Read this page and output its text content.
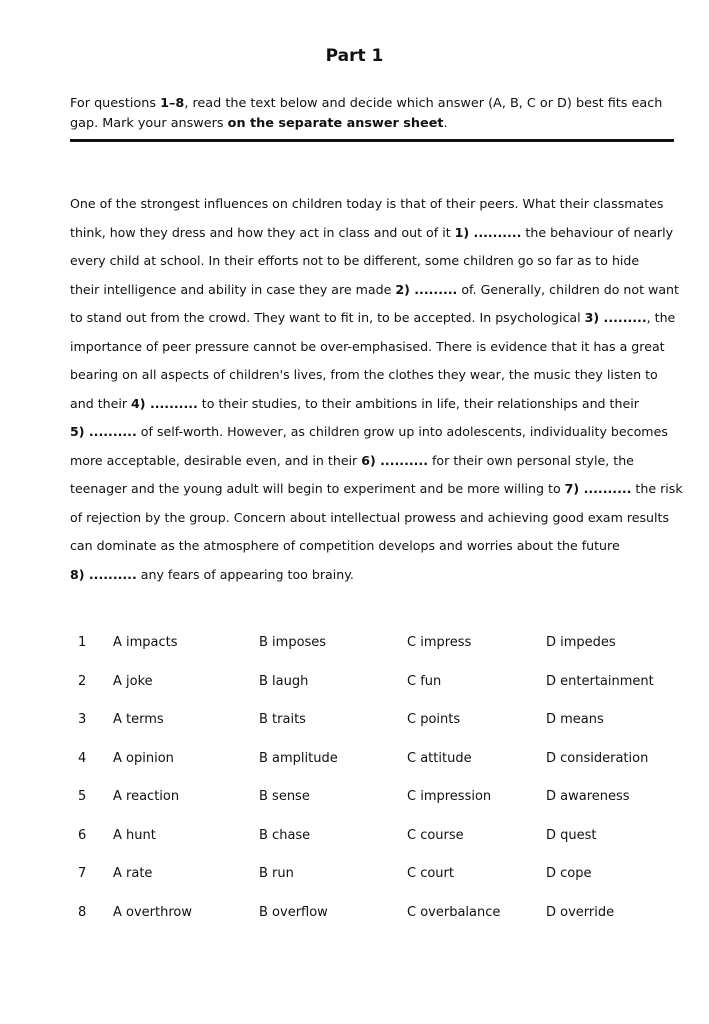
Part 1
For questions 1–8, read the text below and decide which answer (A, B, C or D) best fits each gap. Mark your answers on the separate answer sheet.
One of the strongest influences on children today is that of their peers. What their classmates
think, how they dress and how they act in class and out of it 1) .......... the behaviour of nearly
every child at school. In their efforts not to be different, some children go so far as to hide
their intelligence and ability in case they are made 2) ......... of. Generally, children do not want
to stand out from the crowd. They want to fit in, to be accepted. In psychological 3) ........., the
importance of peer pressure cannot be over-emphasised. There is evidence that it has a great
bearing on all aspects of children's lives, from the clothes they wear, the music they listen to
and their 4) .......... to their studies, to their ambitions in life, their relationships and their
5) .......... of self-worth. However, as children grow up into adolescents, individuality becomes
more acceptable, desirable even, and in their 6) .......... for their own personal style, the
teenager and the young adult will begin to experiment and be more willing to 7) .......... the risk
of rejection by the group. Concern about intellectual prowess and achieving good exam results
can dominate as the atmosphere of competition develops and worries about the future
8) .......... any fears of appearing too brainy.
1 A impacts	B imposes	C impress	D impedes
2 A joke	B laugh	C fun	D entertainment
3 A terms	B traits	C points	D means
4 A opinion	B amplitude	C attitude	D consideration
5 A reaction	B sense	C impression	D awareness
6 A hunt	B chase	C course	D quest
7 A rate	B run	C court	D cope
8 A overthrow	B overflow	C overbalance	D override
